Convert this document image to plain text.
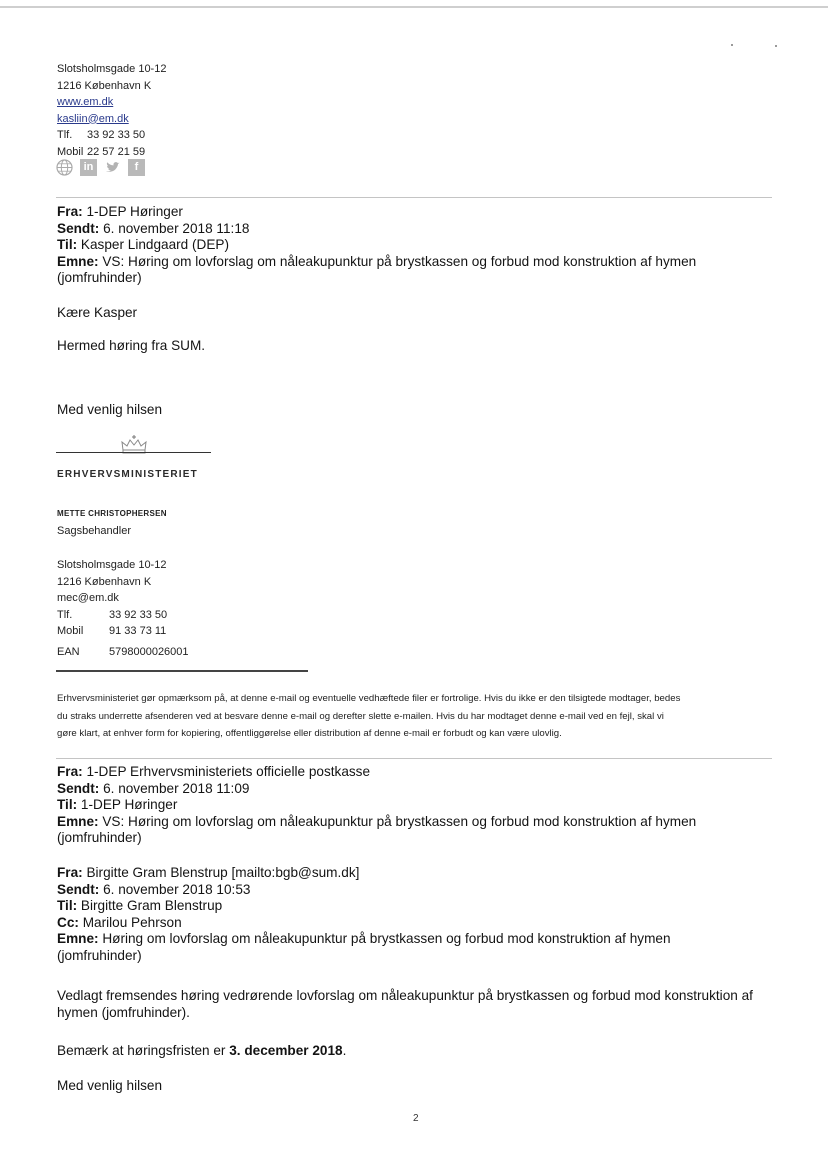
Slotsholmsgade 10-12
1216 København K
www.em.dk
kasliin@em.dk
Tlf. 33 92 33 50
Mobil 22 57 21 59
in	f
Fra: 1-DEP Høringer
Sendt: 6. november 2018 11:18
Til: Kasper Lindgaard (DEP)
Emne: VS: Høring om lovforslag om nåleakupunktur på brystkassen og forbud mod konstruktion af hymen
(jomfruhinder)
Kære Kasper
Hermed høring fra SUM.
Med venlig hilsen
ERHVERVSMINISTERIET
METTE CHRISTOPHERSEN
Sagsbehandler
Slotsholmsgade 10-12
1216 København K
mec@em.dk
Tlf.	33 92 33 50
Mobil 91 33 73 11
EAN	5798000026001
Erhvervsministeriet gør opmærksom på, at denne e-mail og eventuelle vedhæftede filer er fortrolige. Hvis du ikke er den tilsigtede modtager, bedes
du straks underrette afsenderen ved at besvare denne e-mail og derefter slette e-mailen. Hvis du har modtaget denne e-mail ved en fejl, skal vi
gøre klart, at enhver form for kopiering, offentliggørelse eller distribution af denne e-mail er forbudt og kan være ulovlig.
Fra: 1-DEP Erhvervsministeriets officielle postkasse
Sendt: 6. november 2018 11:09
Til: 1-DEP Høringer
Emne: VS: Høring om lovforslag om nåleakupunktur på brystkassen og forbud mod konstruktion af hymen
(jomfruhinder)
Fra: Birgitte Gram Blenstrup [mailto:bgb@sum.dk]
Sendt: 6. november 2018 10:53
Til: Birgitte Gram Blenstrup
Cc: Marilou Pehrson
Emne: Høring om lovforslag om nåleakupunktur på brystkassen og forbud mod konstruktion af hymen
(jomfruhinder)
Vedlagt fremsendes høring vedrørende lovforslag om nåleakupunktur på brystkassen og forbud mod konstruktion af
hymen (jomfruhinder).
Bemærk at høringsfristen er 3. december 2018.
Med venlig hilsen
2
